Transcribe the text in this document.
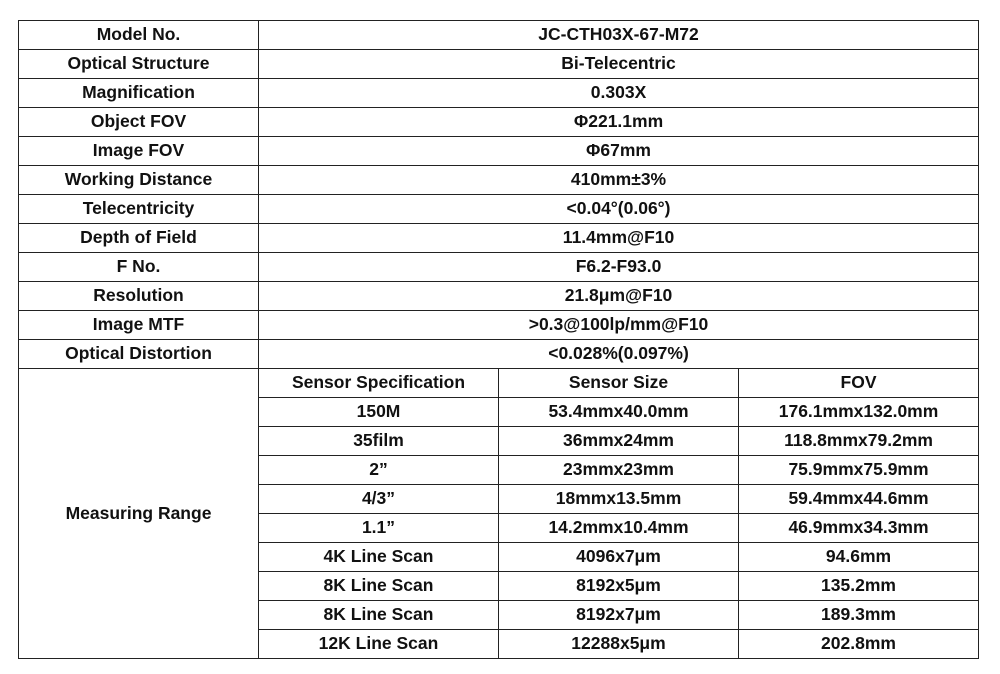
Model No.	JC-CTH03X-67-M72		
Optical Structure	Bi-Telecentric		
Magnification	0.303X		
Object FOV	Φ221.1mm		
Image FOV	Φ67mm		
Working Distance	410mm±3%		
Telecentricity	<0.04°(0.06°)		
Depth of Field	11.4mm@F10		
F No.	F6.2-F93.0		
Resolution	21.8μm@F10		
Image MTF	>0.3@100lp/mm@F10		
Optical Distortion	<0.028%(0.097%)		
Measuring Range	Sensor Specification	Sensor Size	FOV
	150M	53.4mmx40.0mm	176.1mmx132.0mm
	35film	36mmx24mm	118.8mmx79.2mm
	2”	23mmx23mm	75.9mmx75.9mm
	4/3”	18mmx13.5mm	59.4mmx44.6mm
	1.1”	14.2mmx10.4mm	46.9mmx34.3mm
	4K Line Scan	4096x7μm	94.6mm
	8K Line Scan	8192x5μm	135.2mm
	8K Line Scan	8192x7μm	189.3mm
	12K Line Scan	12288x5μm	202.8mm
